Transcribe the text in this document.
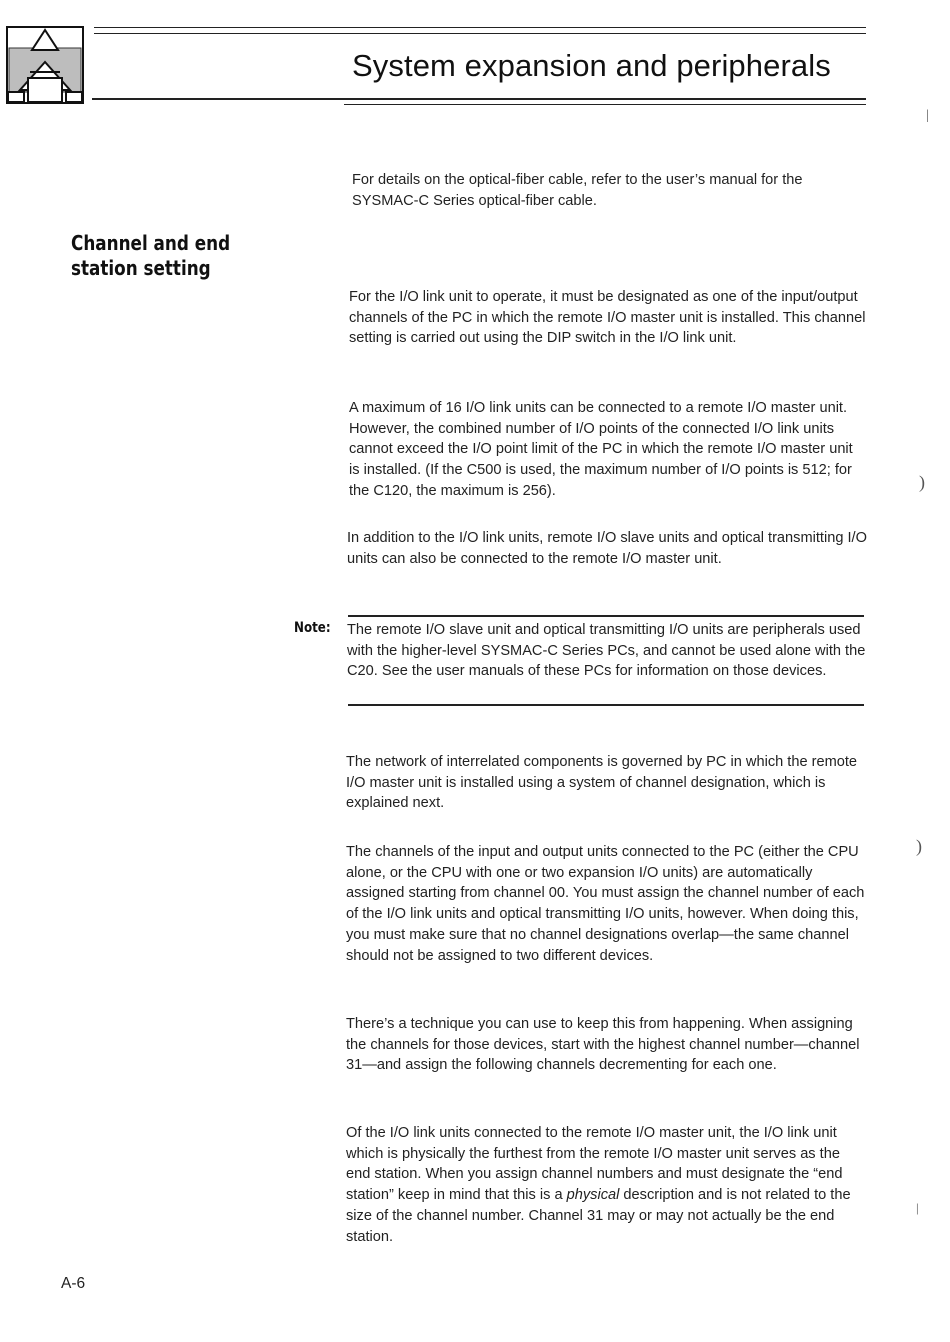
System expansion and peripherals

For details on the optical-fiber cable, refer to the user’s manual for the SYSMAC-C Series optical-fiber cable.

Channel and end station setting

For the I/O link unit to operate, it must be designated as one of the input/output channels of the PC in which the remote I/O master unit is installed. This channel setting is carried out using the DIP switch in the I/O link unit.

A maximum of 16 I/O link units can be connected to a remote I/O master unit. However, the combined number of I/O points of the connected I/O link units cannot exceed the I/O point limit of the PC in which the remote I/O master unit is installed. (If the C500 is used, the maximum number of I/O points is 512; for the C120, the maximum is 256).

In addition to the I/O link units, remote I/O slave units and optical transmitting I/O units can also be connected to the remote I/O master unit.

Note: The remote I/O slave unit and optical transmitting I/O units are peripherals used with the higher-level SYSMAC-C Series PCs, and cannot be used alone with the C20. See the user manuals of these PCs for information on those devices.

The network of interrelated components is governed by PC in which the remote I/O master unit is installed using a system of channel designation, which is explained next.

The channels of the input and output units connected to the PC (either the CPU alone, or the CPU with one or two expansion I/O units) are automatically assigned starting from channel 00. You must assign the channel number of each of the I/O link units and optical transmitting I/O units, however. When doing this, you must make sure that no channel designations overlap—the same channel should not be assigned to two different devices.

There’s a technique you can use to keep this from happening. When assigning the channels for those devices, start with the highest channel number—channel 31—and assign the following channels decrementing for each one.

Of the I/O link units connected to the remote I/O master unit, the I/O link unit which is physically the furthest from the remote I/O master unit serves as the end station. When you assign channel numbers and must designate the “end station” keep in mind that this is a physical description and is not related to the size of the channel number. Channel 31 may or may not actually be the end station.

A-6
|
)
)
|
